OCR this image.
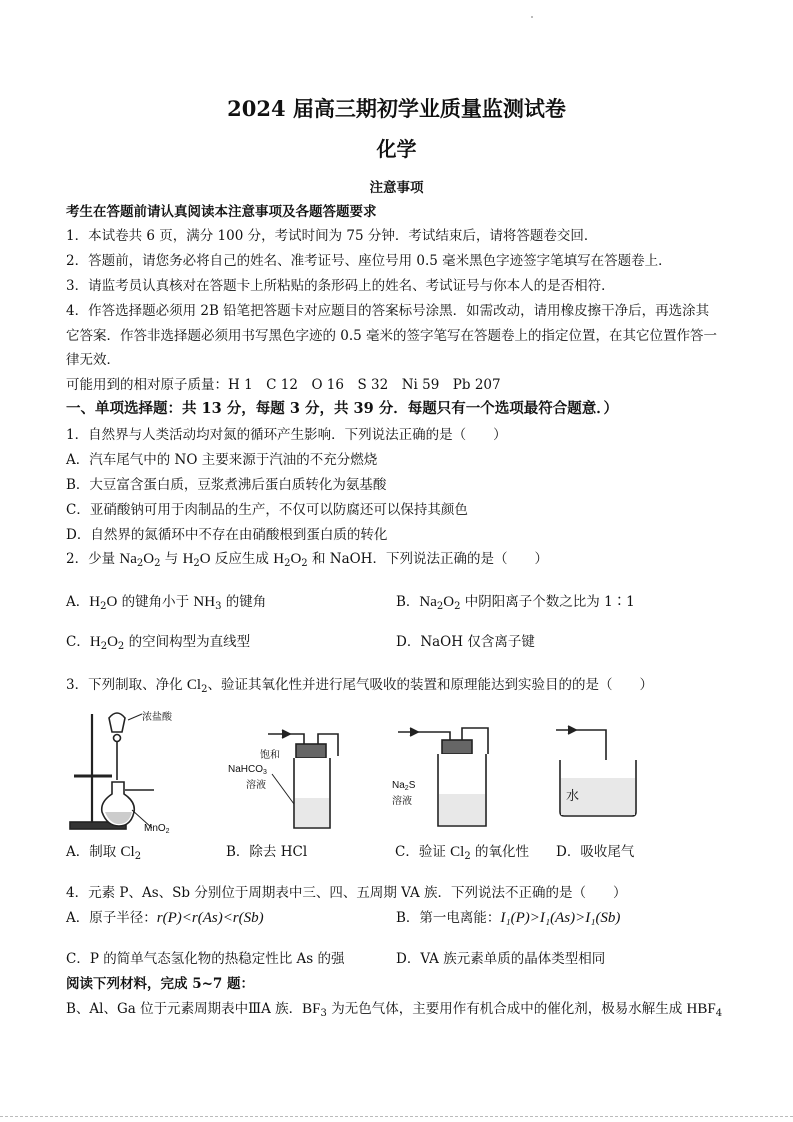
2024 届高三期初学业质量监测试卷
化学
注意事项
考生在答题前请认真阅读本注意事项及各题答题要求
1．本试卷共 6 页，满分 100 分，考试时间为 75 分钟．考试结束后，请将答题卷交回．
2．答题前，请您务必将自己的姓名、准考证号、座位号用 0.5 毫米黑色字迹签字笔填写在答题卷上．
3．请监考员认真核对在答题卡上所粘贴的条形码上的姓名、考试证号与你本人的是否相符．
4．作答选择题必须用 2B 铅笔把答题卡对应题目的答案标号涂黑．如需改动，请用橡皮擦干净后，再选涂其
它答案．作答非选择题必须用书写黑色字迹的 0.5 毫米的签字笔写在答题卷上的指定位置，在其它位置作答一
律无效．
可能用到的相对原子质量：H 1　C 12　O 16　S 32　Ni 59　Pb 207
一、单项选择题：共 13 分，每题 3 分，共 39 分．每题只有一个选项最符合题意．）
1．自然界与人类活动均对氮的循环产生影响．下列说法正确的是（　　）
A．汽车尾气中的 NO 主要来源于汽油的不充分燃烧
B．大豆富含蛋白质，豆浆煮沸后蛋白质转化为氨基酸
C．亚硝酸钠可用于肉制品的生产，不仅可以防腐还可以保持其颜色
D．自然界的氮循环中不存在由硝酸根到蛋白质的转化
2．少量 $Na_2O_2$ 与 $H_2O$ 反应生成 $H_2O_2$ 和 NaOH．下列说法正确的是（　　）
A．$H_2O$ 的键角小于 $NH_3$ 的键角	B．$Na_2O_2$ 中阴阳离子个数之比为 1∶1
C．$H_2O_2$ 的空间构型为直线型	D．NaOH 仅含离子键
3．下列制取、净化 $Cl_2$、验证其氧化性并进行尾气吸收的装置和原理能达到实验目的的是（　　）
浓盐酸
MnO$_2$
饱和
NaHCO$_3$
溶液	$Na_2S$
溶液	水
A．制取 $Cl_2$	B．除去 HCl	C．验证 $Cl_2$ 的氧化性 D．吸收尾气
4．元素 P、As、Sb 分别位于周期表中三、四、五周期 VA 族．下列说法不正确的是（　　）
A．原子半径：r(P)<r(As)<r(Sb)	B．第一电离能：I₁(P)>I₁(As)>I₁(Sb)
C．P 的简单气态氢化物的热稳定性比 As 的强	D．VA 族元素单质的晶体类型相同
阅读下列材料，完成 5~7 题：
B、Al、Ga 位于元素周期表中ⅢA 族．$BF_3$ 为无色气体，主要用作有机合成中的催化剂，极易水解生成 $HBF_4$
